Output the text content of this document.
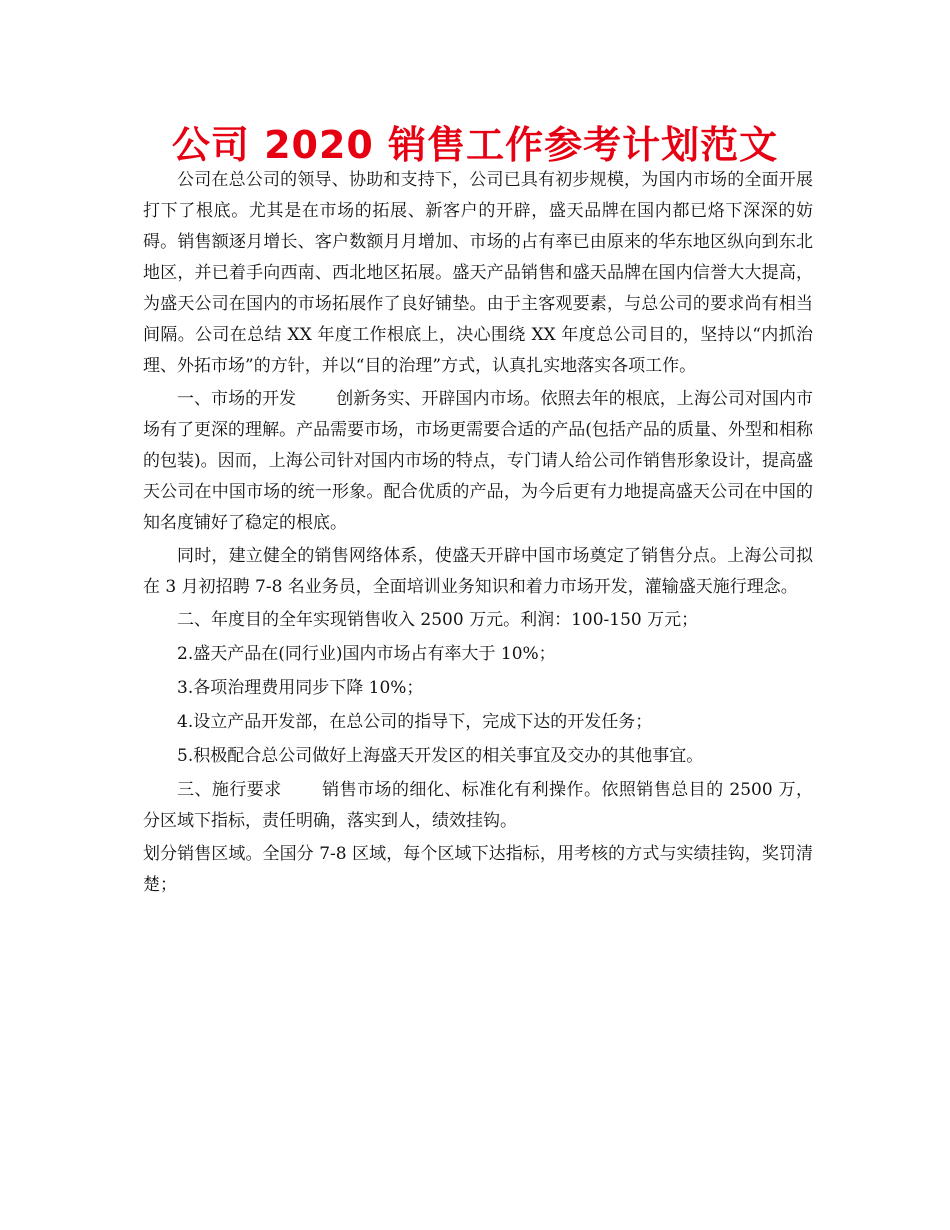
公司 2020 销售工作参考计划范文

公司在总公司的领导、协助和支持下，公司已具有初步规模，为国内市场的全面开展打下了根底。尤其是在市场的拓展、新客户的开辟，盛天品牌在国内都已烙下深深的妨碍。销售额逐月增长、客户数额月月增加、市场的占有率已由原来的华东地区纵向到东北地区，并已着手向西南、西北地区拓展。盛天产品销售和盛天品牌在国内信誉大大提高，为盛天公司在国内的市场拓展作了良好铺垫。由于主客观要素，与总公司的要求尚有相当间隔。公司在总结 XX 年度工作根底上，决心围绕 XX 年度总公司目的，坚持以“内抓治理、外拓市场”的方针，并以“目的治理”方式，认真扎实地落实各项工作。

一、市场的开发 创新务实、开辟国内市场。依照去年的根底，上海公司对国内市场有了更深的理解。产品需要市场，市场更需要合适的产品(包括产品的质量、外型和相称的包装)。因而，上海公司针对国内市场的特点，专门请人给公司作销售形象设计，提高盛天公司在中国市场的统一形象。配合优质的产品，为今后更有力地提高盛天公司在中国的知名度铺好了稳定的根底。

同时，建立健全的销售网络体系，使盛天开辟中国市场奠定了销售分点。上海公司拟在 3 月初招聘 7-8 名业务员，全面培训业务知识和着力市场开发，灌输盛天施行理念。

二、年度目的全年实现销售收入 2500 万元。利润：100-150 万元；

2.盛天产品在(同行业)国内市场占有率大于 10%；

3.各项治理费用同步下降 10%；

4.设立产品开发部，在总公司的指导下，完成下达的开发任务；

5.积极配合总公司做好上海盛天开发区的相关事宜及交办的其他事宜。

三、施行要求 销售市场的细化、标准化有利操作。依照销售总目的 2500 万，分区域下指标，责任明确，落实到人，绩效挂钩。

划分销售区域。全国分 7-8 区域，每个区域下达指标，用考核的方式与实绩挂钩，奖罚清楚；
